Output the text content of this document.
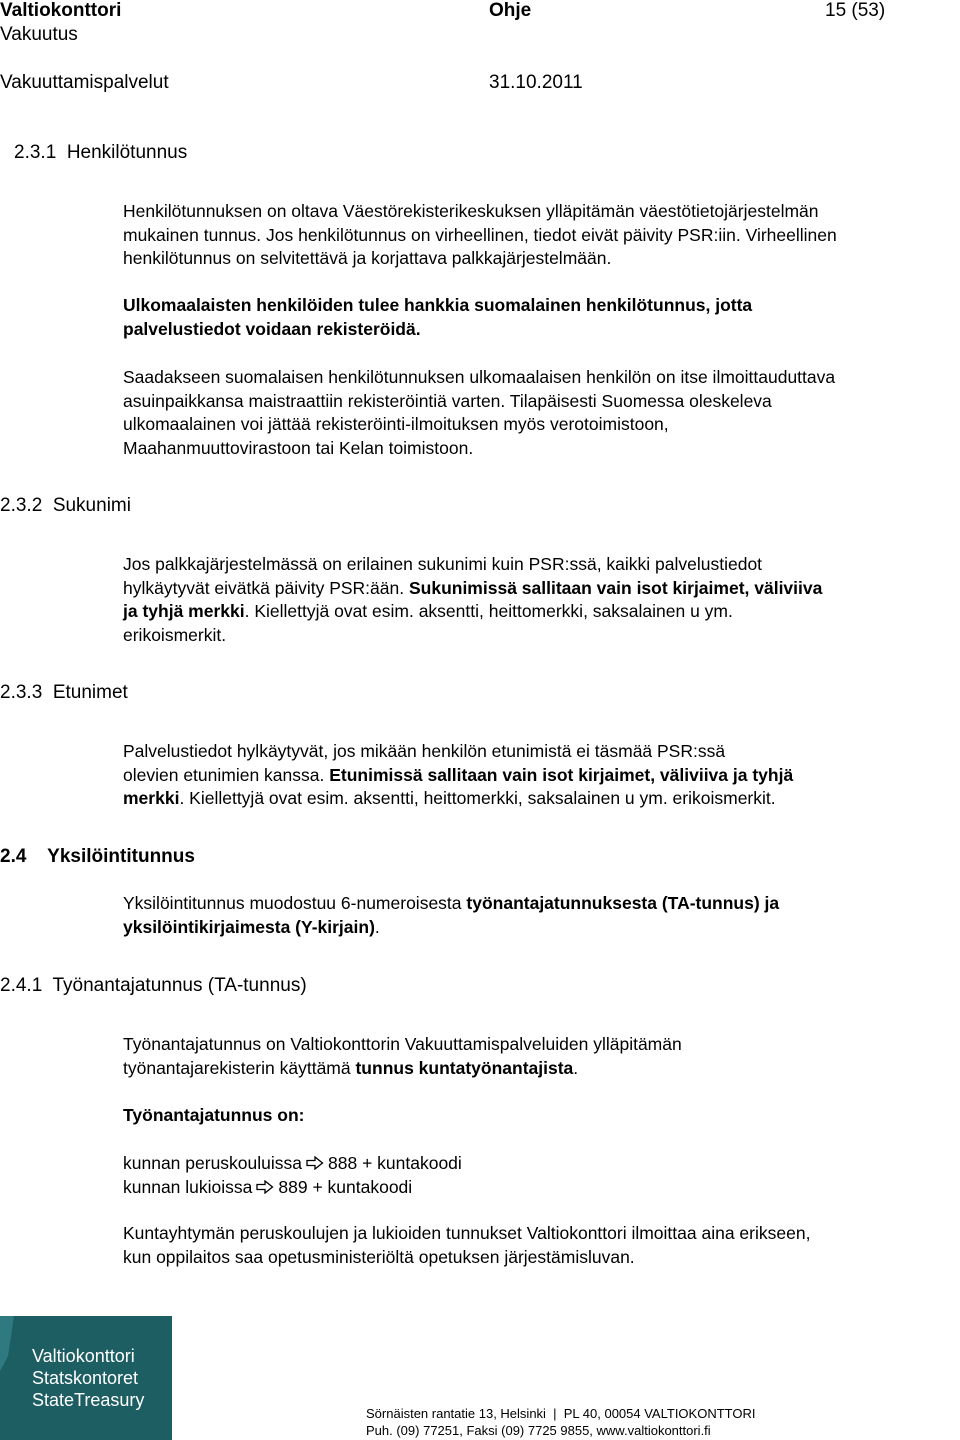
Valtiokonttori
Vakuutus
Vakuuttamispalvelut
Ohje
31.10.2011
15 (53)
2.3.1  Henkilötunnus
Henkilötunnuksen on oltava Väestörekisterikeskuksen ylläpitämän väestötietojärjestelmän
mukainen tunnus. Jos henkilötunnus on virheellinen, tiedot eivät päivity PSR:iin. Virheellinen
henkilötunnus on selvitettävä ja korjattava palkkajärjestelmään.
Ulkomaalaisten henkilöiden tulee hankkia suomalainen henkilötunnus, jotta
palvelustiedot voidaan rekisteröidä.
Saadakseen suomalaisen henkilötunnuksen ulkomaalaisen henkilön on itse ilmoittauduttava
asuinpaikkansa maistraattiin rekisteröintiä varten. Tilapäisesti Suomessa oleskeleva
ulkomaalainen voi jättää rekisteröinti-ilmoituksen myös verotoimistoon,
Maahanmuuttovirastoon tai Kelan toimistoon.
2.3.2  Sukunimi
Jos palkkajärjestelmässä on erilainen sukunimi kuin PSR:ssä, kaikki palvelustiedot
hylkäytyvät eivätkä päivity PSR:ään. Sukunimissä sallitaan vain isot kirjaimet, väliviiva
ja tyhjä merkki. Kiellettyjä ovat esim. aksentti, heittomerkki, saksalainen u ym.
erikoismerkit.
2.3.3  Etunimet
Palvelustiedot hylkäytyvät, jos mikään henkilön etunimistä ei täsmää PSR:ssä
olevien etunimien kanssa. Etunimissä sallitaan vain isot kirjaimet, väliviiva ja tyhjä
merkki. Kiellettyjä ovat esim. aksentti, heittomerkki, saksalainen u ym. erikoismerkit.
2.4    Yksilöintitunnus
Yksilöintitunnus muodostuu 6-numeroisesta työnantajatunnuksesta (TA-tunnus) ja
yksilöintikirjaimesta (Y-kirjain).
2.4.1  Työnantajatunnus (TA-tunnus)
Työnantajatunnus on Valtiokonttorin Vakuuttamispalveluiden ylläpitämän
työnantajarekisterin käyttämä tunnus kuntatyönantajista.
Työnantajatunnus on:
kunnan peruskouluissa 888 + kuntakoodi
kunnan lukioissa 889 + kuntakoodi
Kuntayhtymän peruskoulujen ja lukioiden tunnukset Valtiokonttori ilmoittaa aina erikseen,
kun oppilaitos saa opetusministeriöltä opetuksen järjestämisluvan.
Valtiokonttori
Statskontoret
StateTreasury
Sörnäisten rantatie 13, Helsinki  |  PL 40, 00054 VALTIOKONTTORI
Puh. (09) 77251, Faksi (09) 7725 9855, www.valtiokonttori.fi
